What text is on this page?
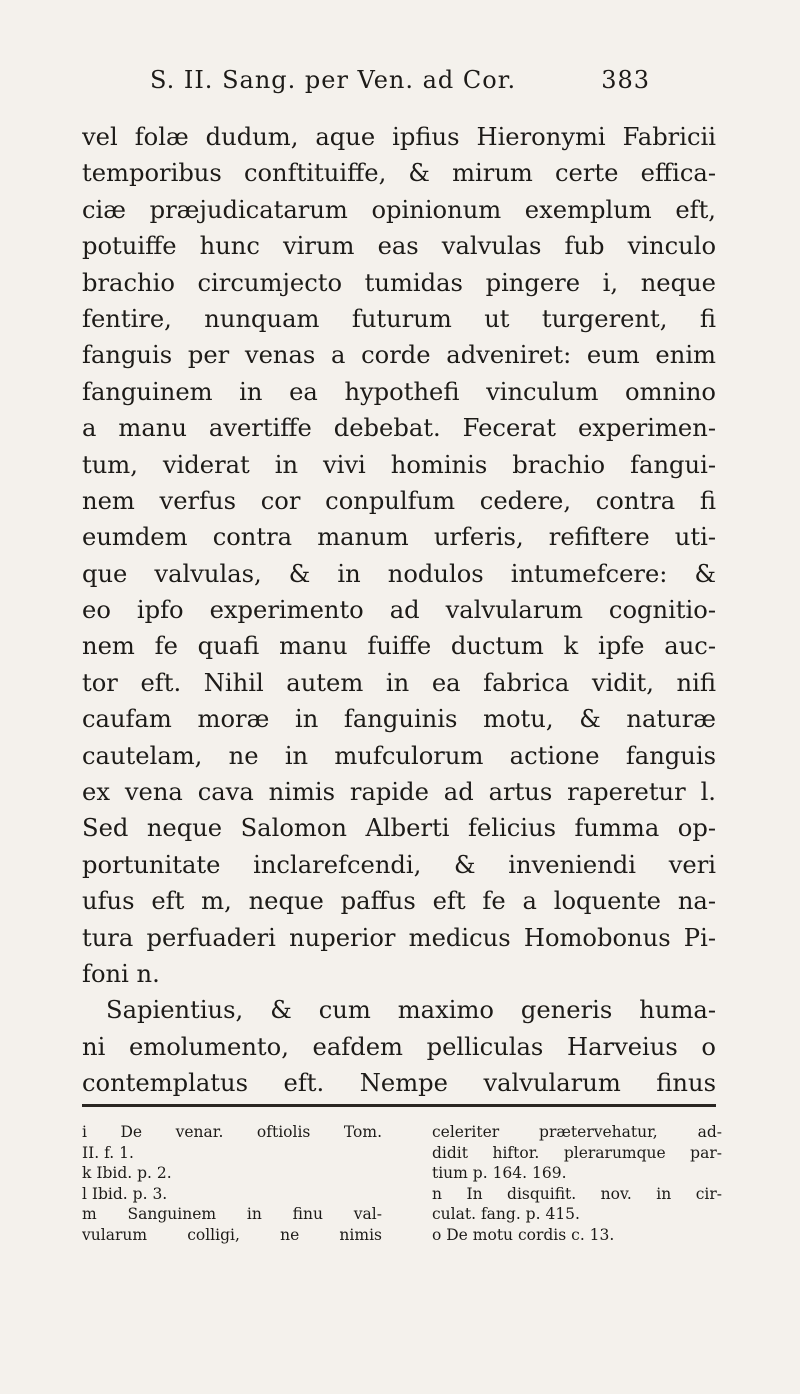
S. II. Sang. per Ven. ad Cor.	383
vel folæ dudum, aque ipfius Hieronymi Fabricii
temporibus conftituiffe, & mirum certe effica-
ciæ præjudicatarum opinionum exemplum eft,
potuiffe hunc virum eas valvulas fub vinculo
brachio circumjecto tumidas pingere i, neque
fentire, nunquam futurum ut turgerent, fi
fanguis per venas a corde adveniret: eum enim
fanguinem in ea hypothefi vinculum omnino
a manu avertiffe debebat. Fecerat experimen-
tum, viderat in vivi hominis brachio fangui-
nem verfus cor conpulfum cedere, contra fi
eumdem contra manum urferis, refiftere uti-
que valvulas, & in nodulos intumefcere: &
eo ipfo experimento ad valvularum cognitio-
nem fe quafi manu fuiffe ductum k ipfe auc-
tor eft. Nihil autem in ea fabrica vidit, nifi
caufam moræ in fanguinis motu, & naturæ
cautelam, ne in mufculorum actione fanguis
ex vena cava nimis rapide ad artus raperetur l.
Sed neque Salomon Alberti felicius fumma op-
portunitate inclarefcendi, & inveniendi veri
ufus eft m, neque paffus eft fe a loquente na-
tura perfuaderi nuperior medicus Homobonus Pi-
foni n.
Sapientius, & cum maximo generis huma-
ni emolumento, eafdem pelliculas Harveius o
contemplatus eft. Nempe valvularum finus
i De venar. oftiolis Tom.
II. f. 1.
k Ibid. p. 2.
l Ibid. p. 3.
m Sanguinem in finu val-
vularum colligi, ne nimis
celeriter prætervehatur, ad-
didit hiftor. plerarumque par-
tium p. 164. 169.
n In disquifit. nov. in cir-
culat. fang. p. 415.
o De motu cordis c. 13.
